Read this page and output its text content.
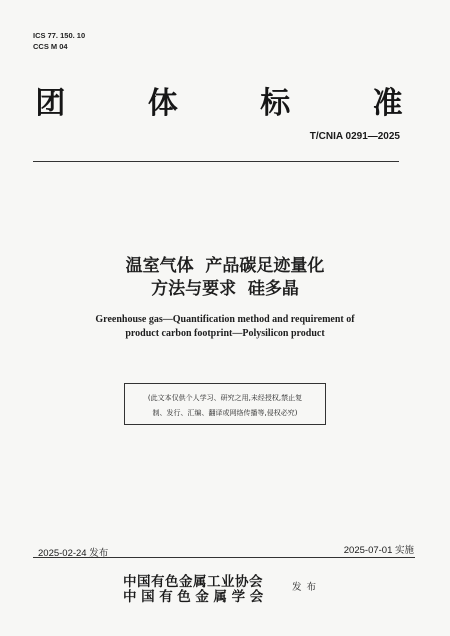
ICS 77. 150. 10
CCS M 04
团 体 标 准
T/CNIA 0291—2025
温室气体  产品碳足迹量化
方法与要求  硅多晶
Greenhouse gas—Quantification method and requirement of
product carbon footprint—Polysilicon product
(此文本仅供个人学习、研究之用,未经授权,禁止复
制、发行、汇编、翻译或网络传播等,侵权必究)
2025-02-24 发布	2025-07-01 实施
中国有色金属工业协会
中国有色金属学会
发布
